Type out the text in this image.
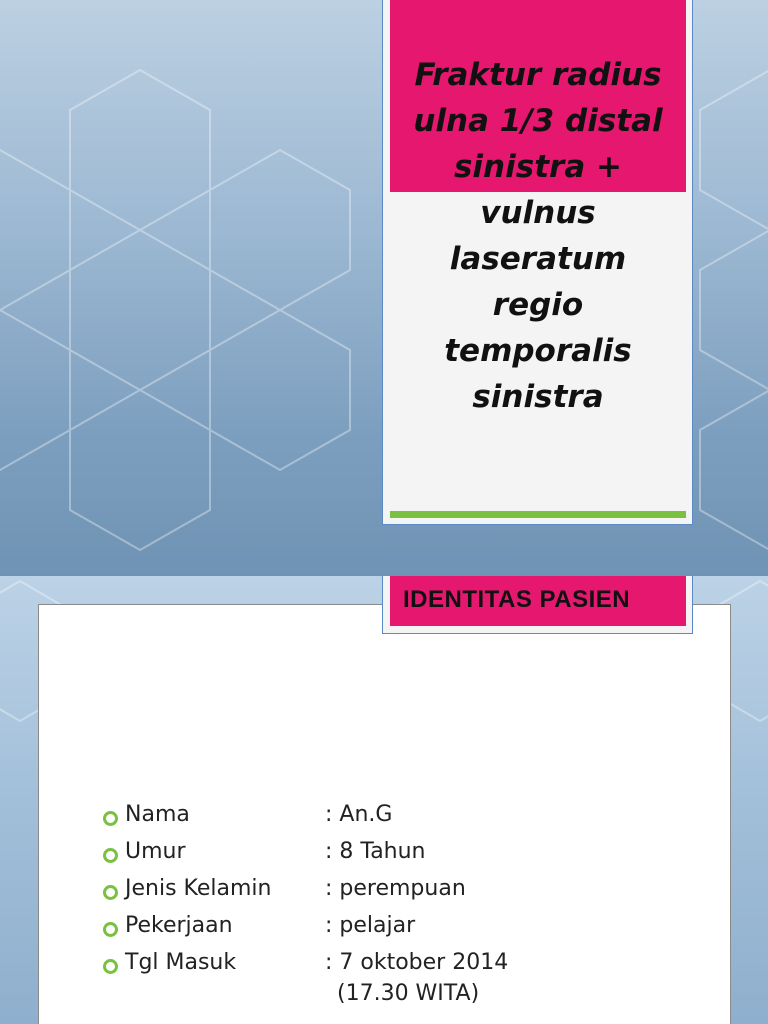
Fraktur radius
ulna 1/3 distal
sinistra +
vulnus
laseratum
regio
temporalis
sinistra

Nama	: An.G
Umur	: 8 Tahun
Jenis Kelamin : perempuan
Pekerjaan	: pelajar
Tgl Masuk	: 7 oktober 2014
(17.30 WITA)

IDENTITAS PASIEN
